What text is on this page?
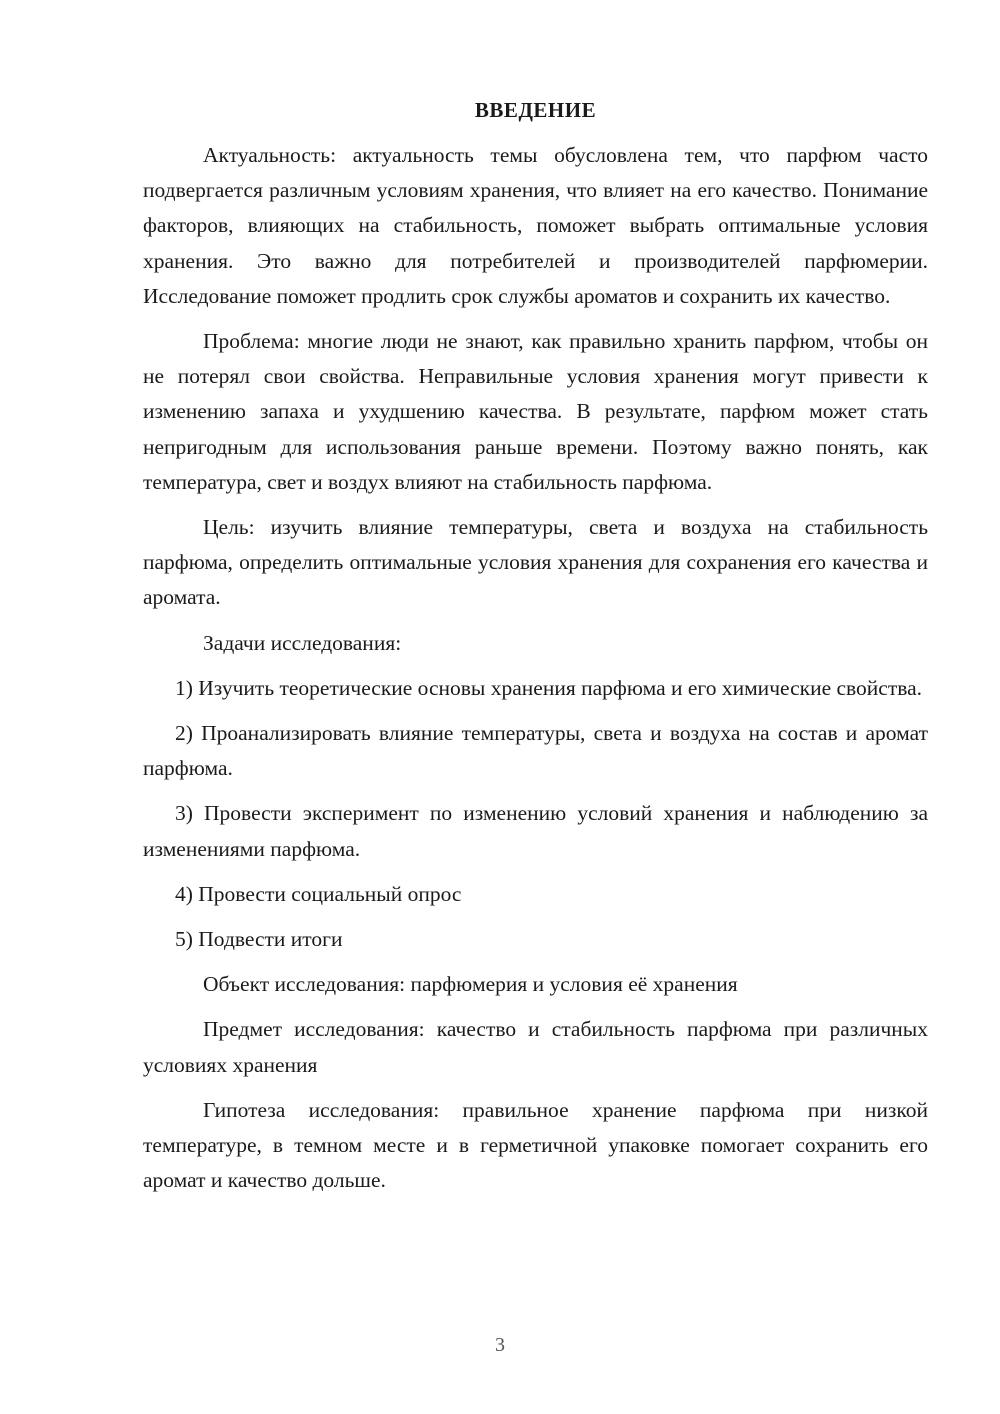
ВВЕДЕНИЕ

Актуальность: актуальность темы обусловлена тем, что парфюм часто подвергается различным условиям хранения, что влияет на его качество. Понимание факторов, влияющих на стабильность, поможет выбрать оптимальные условия хранения. Это важно для потребителей и производителей парфюмерии. Исследование поможет продлить срок службы ароматов и сохранить их качество.

Проблема: многие люди не знают, как правильно хранить парфюм, чтобы он не потерял свои свойства. Неправильные условия хранения могут привести к изменению запаха и ухудшению качества. В результате, парфюм может стать непригодным для использования раньше времени. Поэтому важно понять, как температура, свет и воздух влияют на стабильность парфюма.

Цель: изучить влияние температуры, света и воздуха на стабильность парфюма, определить оптимальные условия хранения для сохранения его качества и аромата.

Задачи исследования:

1) Изучить теоретические основы хранения парфюма и его химические свойства.

2) Проанализировать влияние температуры, света и воздуха на состав и аромат парфюма.

3) Провести эксперимент по изменению условий хранения и наблюдению за изменениями парфюма.

4) Провести социальный опрос

5) Подвести итоги

Объект исследования: парфюмерия и условия её хранения

Предмет исследования: качество и стабильность парфюма при различных условиях хранения

Гипотеза исследования: правильное хранение парфюма при низкой температуре, в темном месте и в герметичной упаковке помогает сохранить его аромат и качество дольше.

3
